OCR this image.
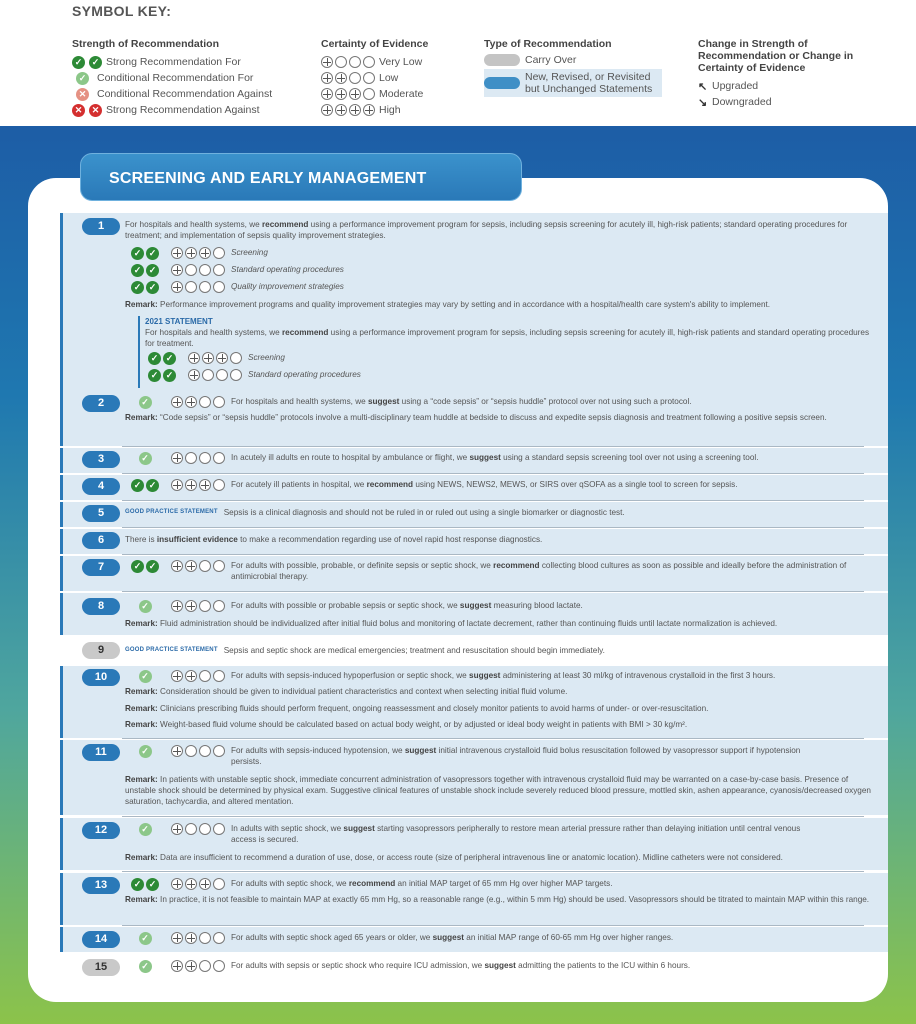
SYMBOL KEY:
Strength of Recommendation
✓	✓ Strong Recommendation For
✓ Conditional Recommendation For
✕ Conditional Recommendation Against
✕	✕ Strong Recommendation Against
Certainty of Evidence
Very Low
Low
Moderate
High
Type of Recommendation
Carry Over
New, Revised, or Revisited but Unchanged Statements
Change in Strength of Recommendation or Change in Certainty of Evidence
↖ Upgraded
↘ Downgraded
SCREENING AND EARLY MANAGEMENT
1	For hospitals and health systems, we recommend using a performance improvement program for sepsis, including sepsis screening for acutely ill, high-risk patients; standard operating procedures for treatment; and implementation of sepsis quality improvement strategies.
✓ ✓	Screening
✓ ✓	Standard operating procedures
✓ ✓	Quality improvement strategies
Remark: Performance improvement programs and quality improvement strategies may vary by setting and in accordance with a hospital/health care system's ability to implement.
2021 STATEMENT
For hospitals and health systems, we recommend using a performance improvement program for sepsis, including sepsis screening for acutely ill, high-risk patients and standard operating procedures for treatment.
✓ ✓	Screening
✓ ✓	Standard operating procedures
2	✓	For hospitals and health systems, we suggest using a “code sepsis” or “sepsis huddle” protocol over not using such a protocol.
Remark: “Code sepsis” or “sepsis huddle” protocols involve a multi-disciplinary team huddle at bedside to discuss and expedite sepsis diagnosis and treatment following a positive sepsis screen.
3	✓	In acutely ill adults en route to hospital by ambulance or flight, we suggest using a standard sepsis screening tool over not using a screening tool.
4	✓ ✓	For acutely ill patients in hospital, we recommend using NEWS, NEWS2, MEWS, or SIRS over qSOFA as a single tool to screen for sepsis.
5	GOOD PRACTICE STATEMENT Sepsis is a clinical diagnosis and should not be ruled in or ruled out using a single biomarker or diagnostic test.
6	There is insufficient evidence to make a recommendation regarding use of novel rapid host response diagnostics.
7	✓ ✓	For adults with possible, probable, or definite sepsis or septic shock, we recommend collecting blood cultures as soon as possible and ideally before the administration of antimicrobial therapy.
8	✓	For adults with possible or probable sepsis or septic shock, we suggest measuring blood lactate.
Remark: Fluid administration should be individualized after initial fluid bolus and monitoring of lactate decrement, rather than continuing fluids until lactate normalization is achieved.
9	GOOD PRACTICE STATEMENT Sepsis and septic shock are medical emergencies; treatment and resuscitation should begin immediately.
10	✓	For adults with sepsis-induced hypoperfusion or septic shock, we suggest administering at least 30 ml/kg of intravenous crystalloid in the first 3 hours.
Remark: Consideration should be given to individual patient characteristics and context when selecting initial fluid volume.
Remark: Clinicians prescribing fluids should perform frequent, ongoing reassessment and closely monitor patients to avoid harms of under- or over-resuscitation.
Remark: Weight-based fluid volume should be calculated based on actual body weight, or by adjusted or ideal body weight in patients with BMI > 30 kg/m².
11	✓	For adults with sepsis-induced hypotension, we suggest initial intravenous crystalloid fluid bolus resuscitation followed by vasopressor support if hypotension persists.
Remark: In patients with unstable septic shock, immediate concurrent administration of vasopressors together with intravenous crystalloid fluid may be warranted on a case-by-case basis. Presence of unstable shock should be determined by physical exam. Suggestive clinical features of unstable shock include severely reduced blood pressure, mottled skin, ashen appearance, cyanosis/decreased oxygen saturation, tachycardia, and altered mentation.
12	✓	In adults with septic shock, we suggest starting vasopressors peripherally to restore mean arterial pressure rather than delaying initiation until central venous access is secured.
Remark: Data are insufficient to recommend a duration of use, dose, or access route (size of peripheral intravenous line or anatomic location). Midline catheters were not considered.
13	✓ ✓	For adults with septic shock, we recommend an initial MAP target of 65 mm Hg over higher MAP targets.
Remark: In practice, it is not feasible to maintain MAP at exactly 65 mm Hg, so a reasonable range (e.g., within 5 mm Hg) should be used. Vasopressors should be titrated to maintain MAP within this range.
14	✓	For adults with septic shock aged 65 years or older, we suggest an initial MAP range of 60-65 mm Hg over higher ranges.
15	✓	For adults with sepsis or septic shock who require ICU admission, we suggest admitting the patients to the ICU within 6 hours.
